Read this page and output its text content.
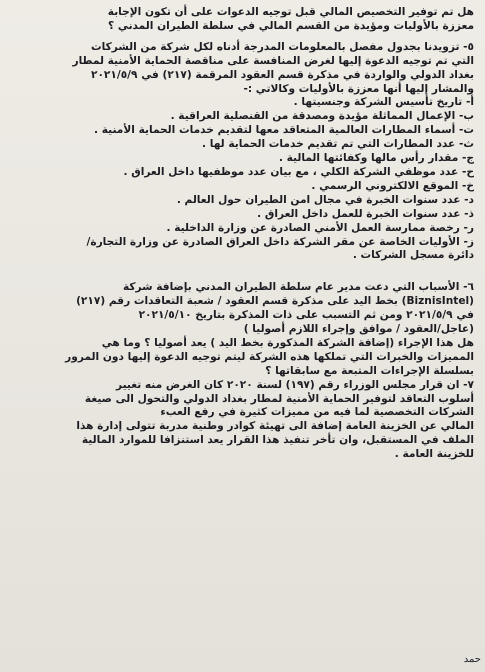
هل تم توفير التخصيص المالي قبل توجيه الدعوات على أن تكون الإجابة

معززة بالأوليات ومؤيدة من القسم المالي في سلطة الطيران المدني ؟

٥- تزويدنا بجدول مفصل بالمعلومات المدرجة أدناه لكل شركة من الشركات

التي تم توجيه الدعوة إليها لغرض المنافسة على مناقصة الحماية الأمنية لمطار

بغداد الدولي والواردة في مذكرة قسم العقود المرقمة (٢١٧) في ٢٠٢١/٥/٩

والمشار إليها أنها معززة بالأوليات وكالاتي :-

أ- تاريخ تأسيس الشركة وجنسيتها .

ب- الإعمال المماثلة مؤيدة ومصدقة من القنصلية العراقية .

ت- أسماء المطارات العالمية المتعاقد معها لتقديم خدمات الحماية الأمنية .

ث- عدد المطارات التي تم تقديم خدمات الحماية لها .

ج- مقدار رأس مالها وكفائتها المالية .

ح- عدد موظفي الشركة الكلي ، مع بيان عدد موظفيها داخل العراق .

خ- الموقع الالكتروني الرسمي .

د- عدد سنوات الخبرة في مجال امن الطيران حول العالم .

ذ- عدد سنوات الخبرة للعمل داخل العراق .

ر- رخصة ممارسة العمل الأمني الصادرة عن وزارة الداخلية .

ز- الأوليات الخاصة عن مقر الشركة داخل العراق الصادرة عن وزارة التجارة/

دائرة مسجل الشركات .

٦- الأسباب التي دعت مدير عام سلطة الطيران المدني بإضافة شركة

(BiznisIntel) بخط اليد على مذكرة قسم العقود / شعبة التعاقدات رقم (٢١٧)

في ٢٠٢١/٥/٩ ومن ثم التسبب على ذات المذكرة بتاريخ ٢٠٢١/٥/١٠

(عاجل/العقود / موافق وإجراء اللازم أصوليا )

هل هذا الإجراء (إضافة الشركة المذكورة بخط اليد ) يعد أصوليا ؟ وما هي

المميزات والخبرات التي تملكها هذه الشركة ليتم توجيه الدعوة إليها دون المرور

بسلسلة الإجراءات المتبعة مع سابقاتها ؟

٧- ان قرار مجلس الوزراء رقم (١٩٧) لسنة ٢٠٢٠ كان الغرض منه تغيير

أسلوب التعاقد لتوفير الحماية الأمنية لمطار بغداد الدولي والتحول الى صيغة

الشركات التخصصية لما فيه من مميزات كثيرة في رفع العبء

المالي عن الخزينة العامة إضافة الى تهيئة كوادر وطنية مدربة تتولى إدارة هذا

الملف في المستقبل، وان تأخر تنفيذ هذا القرار يعد استنزافا للموارد المالية

للخزينة العامة .

حمد
